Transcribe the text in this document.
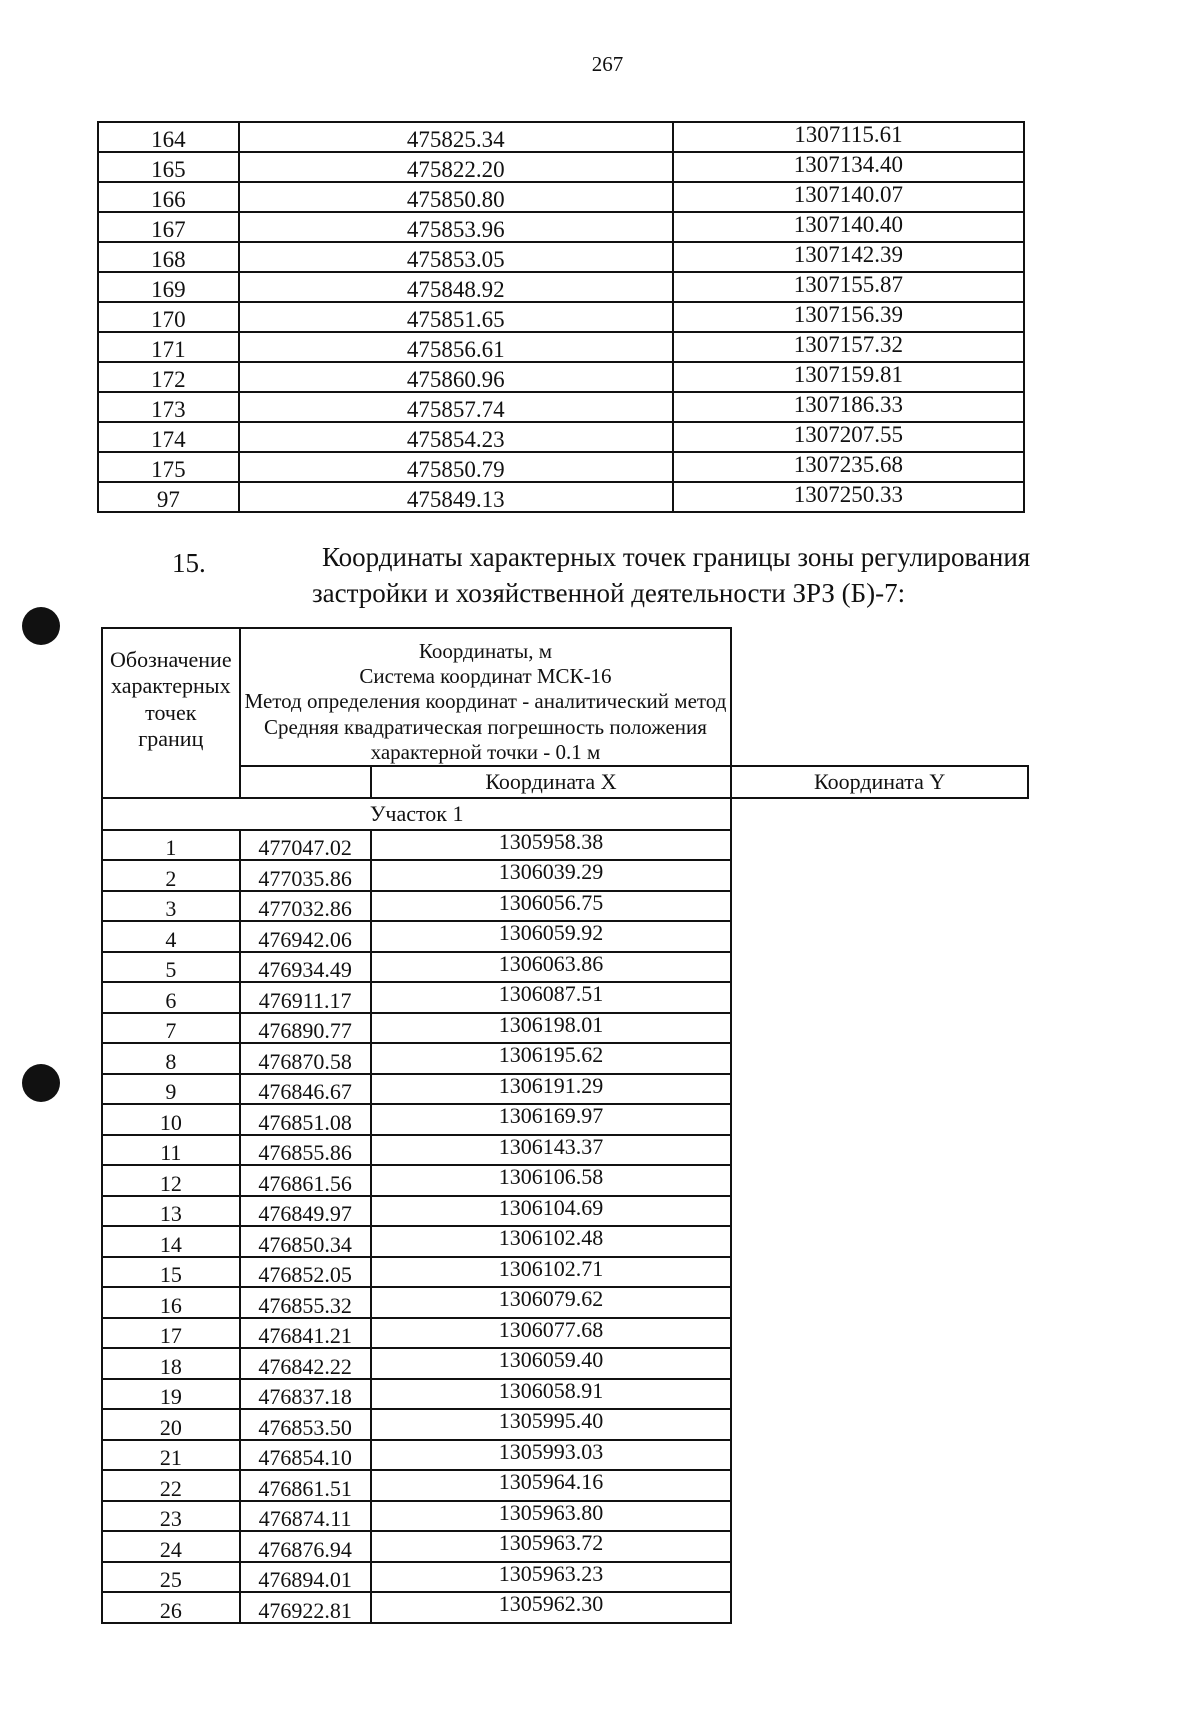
267
164	475825.34	1307115.61
165	475822.20	1307134.40
166	475850.80	1307140.07
167	475853.96	1307140.40
168	475853.05	1307142.39
169	475848.92	1307155.87
170	475851.65	1307156.39
171	475856.61	1307157.32
172	475860.96	1307159.81
173	475857.74	1307186.33
174	475854.23	1307207.55
175	475850.79	1307235.68
97	475849.13	1307250.33
15.	Координаты характерных точек границы зоны регулирования
застройки и хозяйственной деятельности ЗРЗ (Б)-7:
Обозначение
характерных
точек
границ	Координаты, м
Система координат МСК-16
Метод определения координат - аналитический метод
Средняя квадратическая погрешность положения характерной точки - 0.1 м		

		Координата X	Координата Y
Участок 1			
1	477047.02	1305958.38	
2	477035.86	1306039.29	
3	477032.86	1306056.75	
4	476942.06	1306059.92	
5	476934.49	1306063.86	
6	476911.17	1306087.51	
7	476890.77	1306198.01	
8	476870.58	1306195.62	
9	476846.67	1306191.29	
10	476851.08	1306169.97	
11	476855.86	1306143.37	
12	476861.56	1306106.58	
13	476849.97	1306104.69	
14	476850.34	1306102.48	
15	476852.05	1306102.71	
16	476855.32	1306079.62	
17	476841.21	1306077.68	
18	476842.22	1306059.40	
19	476837.18	1306058.91	
20	476853.50	1305995.40	
21	476854.10	1305993.03	
22	476861.51	1305964.16	
23	476874.11	1305963.80	
24	476876.94	1305963.72	
25	476894.01	1305963.23	
26	476922.81	1305962.30	
